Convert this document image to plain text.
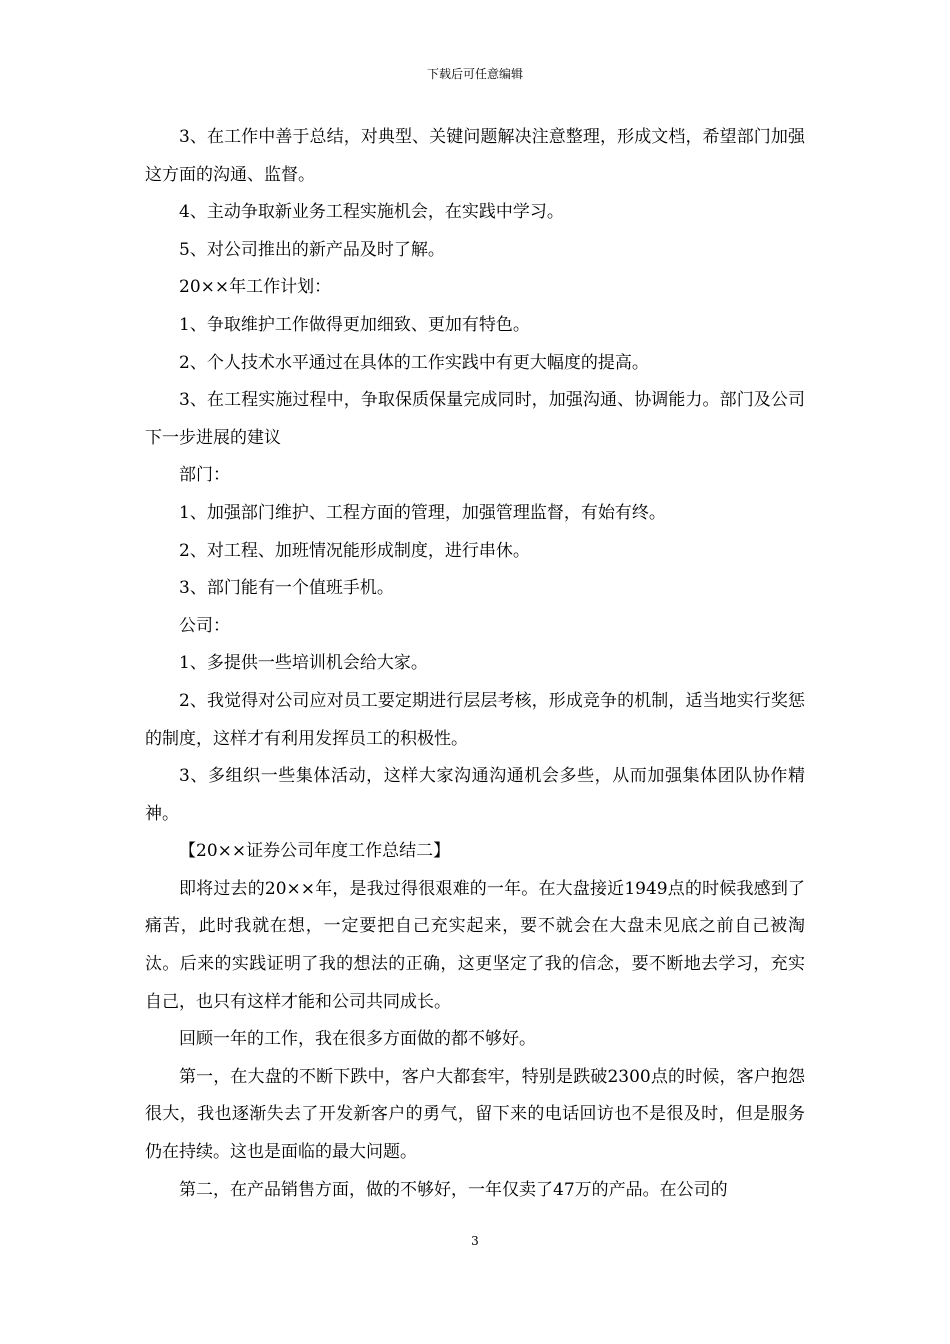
下载后可任意编辑

3、在工作中善于总结，对典型、关键问题解决注意整理，形成文档，希望部门加强这方面的沟通、监督。

4、主动争取新业务工程实施机会，在实践中学习。

5、对公司推出的新产品及时了解。

20××年工作计划：

1、争取维护工作做得更加细致、更加有特色。

2、个人技术水平通过在具体的工作实践中有更大幅度的提高。

3、在工程实施过程中，争取保质保量完成同时，加强沟通、协调能力。部门及公司下一步进展的建议

部门：

1、加强部门维护、工程方面的管理，加强管理监督，有始有终。

2、对工程、加班情况能形成制度，进行串休。

3、部门能有一个值班手机。

公司：

1、多提供一些培训机会给大家。

2、我觉得对公司应对员工要定期进行层层考核，形成竞争的机制，适当地实行奖惩的制度，这样才有利用发挥员工的积极性。

3、多组织一些集体活动，这样大家沟通沟通机会多些，从而加强集体团队协作精神。

【20××证券公司年度工作总结二】

即将过去的20××年，是我过得很艰难的一年。在大盘接近1949点的时候我感到了痛苦，此时我就在想，一定要把自己充实起来，要不就会在大盘未见底之前自己被淘汰。后来的实践证明了我的想法的正确，这更坚定了我的信念，要不断地去学习，充实自己，也只有这样才能和公司共同成长。

回顾一年的工作，我在很多方面做的都不够好。

第一，在大盘的不断下跌中，客户大都套牢，特别是跌破2300点的时候，客户抱怨很大，我也逐渐失去了开发新客户的勇气，留下来的电话回访也不是很及时，但是服务仍在持续。这也是面临的最大问题。

第二，在产品销售方面，做的不够好，一年仅卖了47万的产品。在公司的

3
